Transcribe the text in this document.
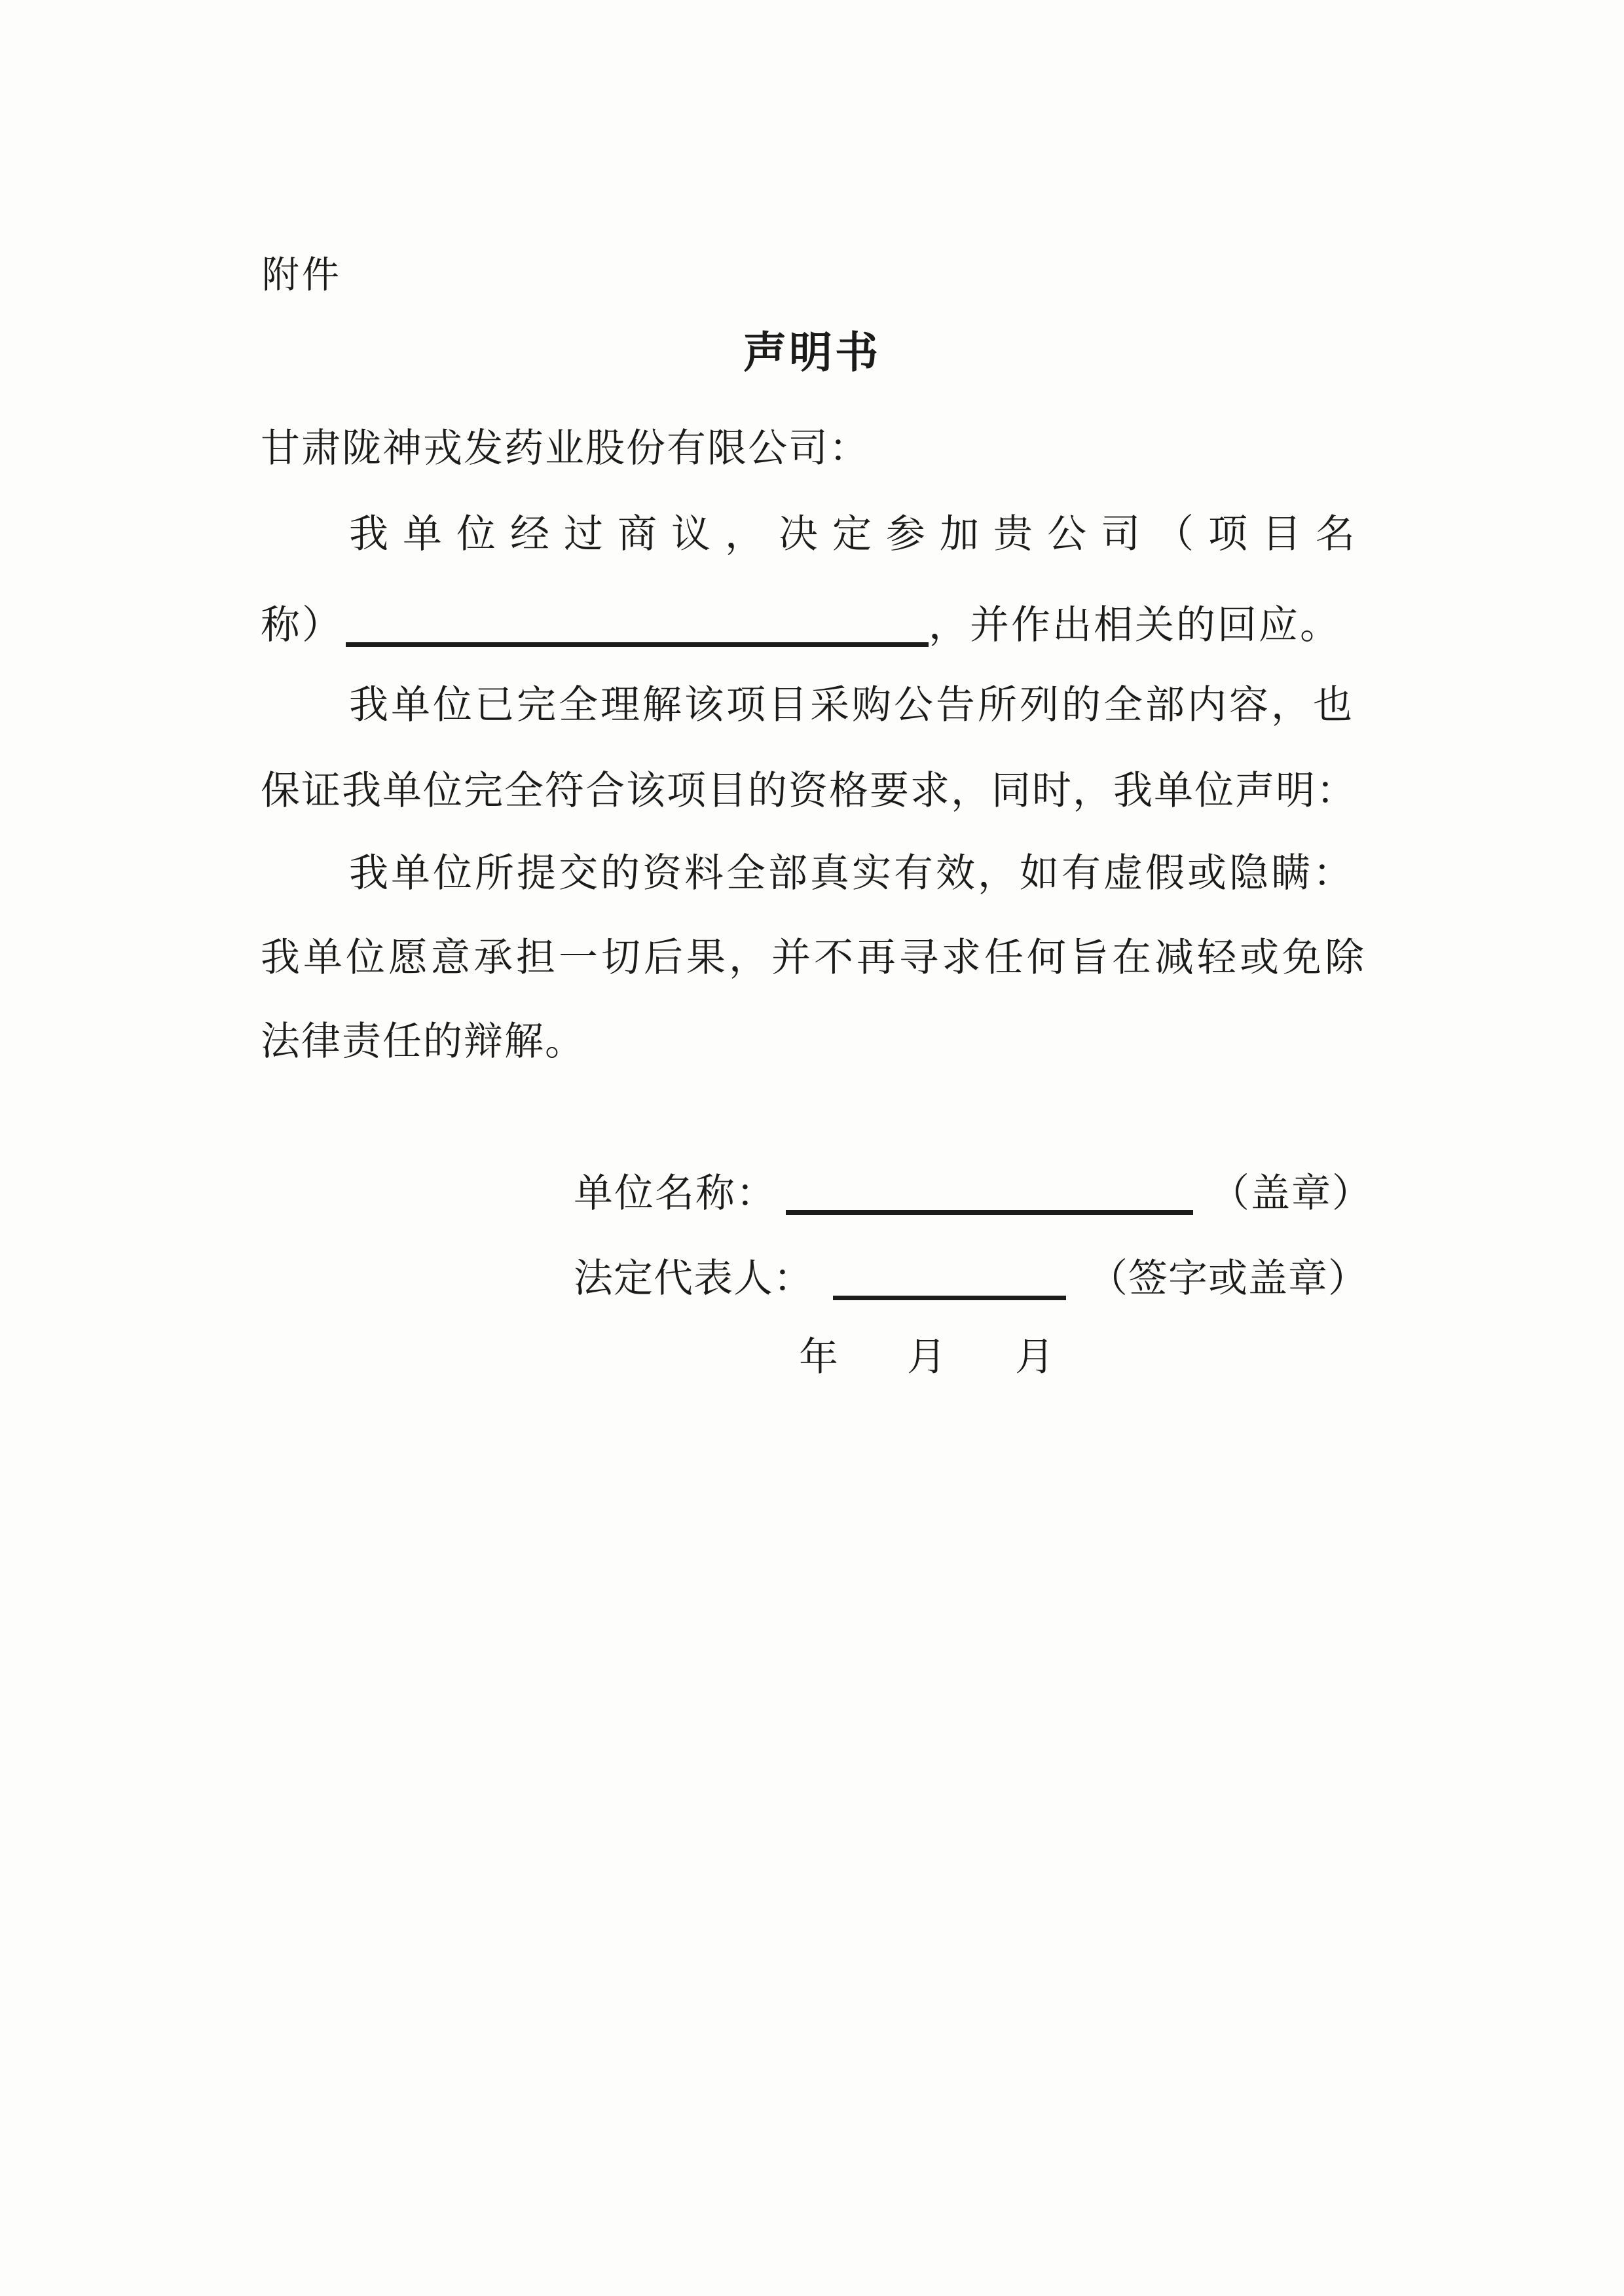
附件
声明书
甘肃陇神戎发药业股份有限公司：
我单位经过商议，决定参加贵公司（项目名
称）	，并作出相关的回应。
我单位已完全理解该项目采购公告所列的全部内容，也
保证我单位完全符合该项目的资格要求，同时，我单位声明：
我单位所提交的资料全部真实有效，如有虚假或隐瞒：
我单位愿意承担一切后果，并不再寻求任何旨在减轻或免除
法律责任的辩解。
单位名称：	（盖章）
法定代表人：	（签字或盖章）
年 月 月
